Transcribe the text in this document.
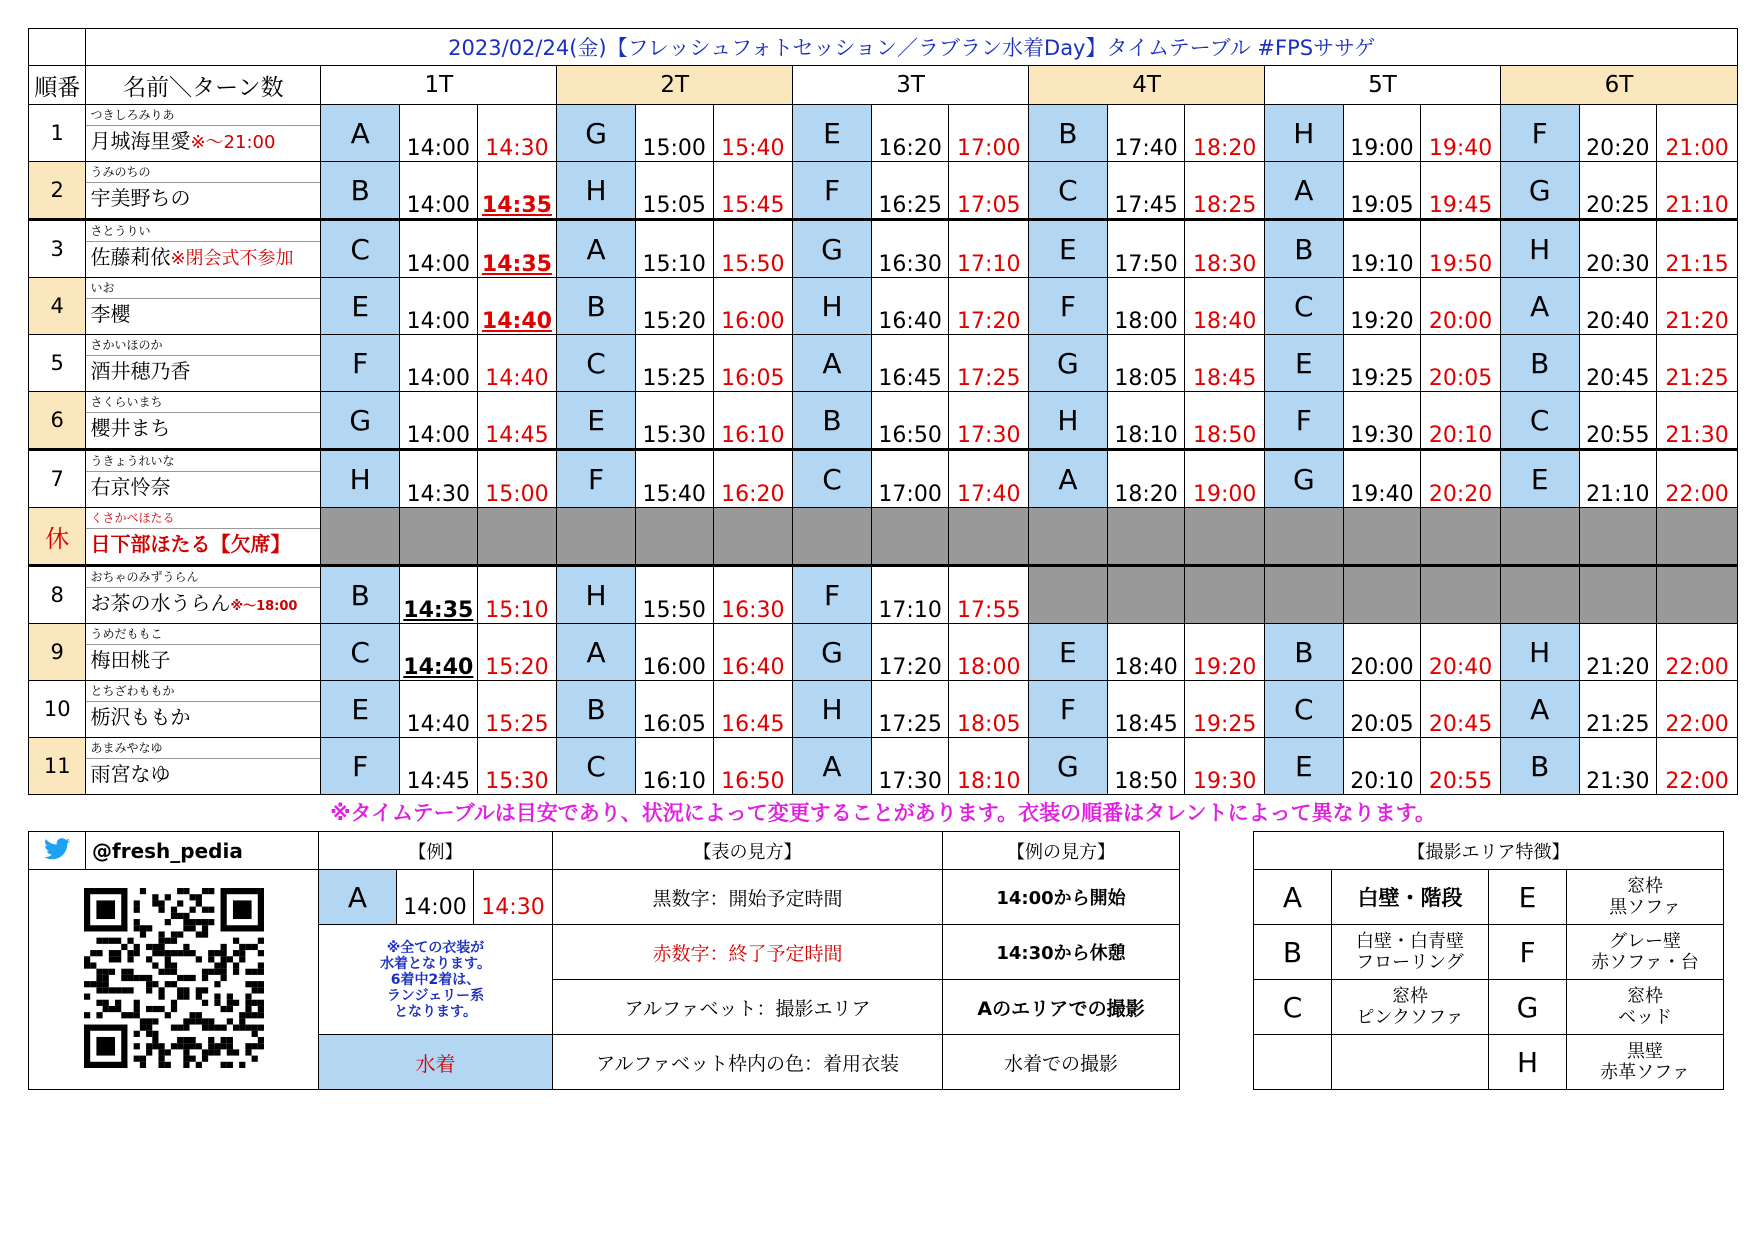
	2023/02/24(金)【フレッシュフォトセッション／ラブラン水着Day】タイムテーブル #FPSササゲ																		
順番	名前＼ターン数	1T			2T			3T			4T			5T			6T		
1	つきしろみりあ
月城海里愛※～21:00	A	14:00	14:30	G	15:00	15:40	E	16:20	17:00	B	17:40	18:20	H	19:00	19:40	F	20:20	21:00
2	うみのちの
宇美野ちの	B	14:00	14:35	H	15:05	15:45	F	16:25	17:05	C	17:45	18:25	A	19:05	19:45	G	20:25	21:10
3	さとうりい
佐藤莉依※閉会式不参加	C	14:00	14:35	A	15:10	15:50	G	16:30	17:10	E	17:50	18:30	B	19:10	19:50	H	20:30	21:15
4	いお
李櫻	E	14:00	14:40	B	15:20	16:00	H	16:40	17:20	F	18:00	18:40	C	19:20	20:00	A	20:40	21:20
5	さかいほのか
酒井穂乃香	F	14:00	14:40	C	15:25	16:05	A	16:45	17:25	G	18:05	18:45	E	19:25	20:05	B	20:45	21:25
6	さくらいまち
櫻井まち	G	14:00	14:45	E	15:30	16:10	B	16:50	17:30	H	18:10	18:50	F	19:30	20:10	C	20:55	21:30
7	うきょうれいな
右京怜奈	H	14:30	15:00	F	15:40	16:20	C	17:00	17:40	A	18:20	19:00	G	19:40	20:20	E	21:10	22:00
休	くさかべほたる
日下部ほたる【欠席】																		

8	おちゃのみずうらん
お茶の水うらん※～18:00	B	14:35	15:10	H	15:50	16:30	F	17:10	17:55									
9	うめだももこ
梅田桃子	C	14:40	15:20	A	16:00	16:40	G	17:20	18:00	E	18:40	19:20	B	20:00	20:40	H	21:20	22:00
10	とちざわももか
栃沢ももか	E	14:40	15:25	B	16:05	16:45	H	17:25	18:05	F	18:45	19:25	C	20:05	20:45	A	21:25	22:00
11	あまみやなゆ
雨宮なゆ	F	14:45	15:30	C	16:10	16:50	A	17:30	18:10	G	18:50	19:30	E	20:10	20:55	B	21:30	22:00
※タイムテーブルは目安であり、状況によって変更することがあります。衣装の順番はタレントによって異なります。
	@fresh_pedia	【例】			【表の見方】	【例の見方】
	A	14:00	14:30	黒数字：開始予定時間	14:00から開始

		※全ての衣装が
水着となります。
6着中2着は、
ランジェリー系
となります。			赤数字：終了予定時間	14:30から休憩
					アルファベット：撮影エリア	Aのエリアでの撮影
		水着			アルファベット枠内の色：着用衣装	水着での撮影
【撮影エリア特徴】			
A	白壁・階段	E	窓枠
黒ソファ
B	白壁・白青壁
フローリング	F	グレー壁
赤ソファ・台
C	窓枠
ピンクソファ	G	窓枠
ベッド
		H	黒壁
赤革ソファ
